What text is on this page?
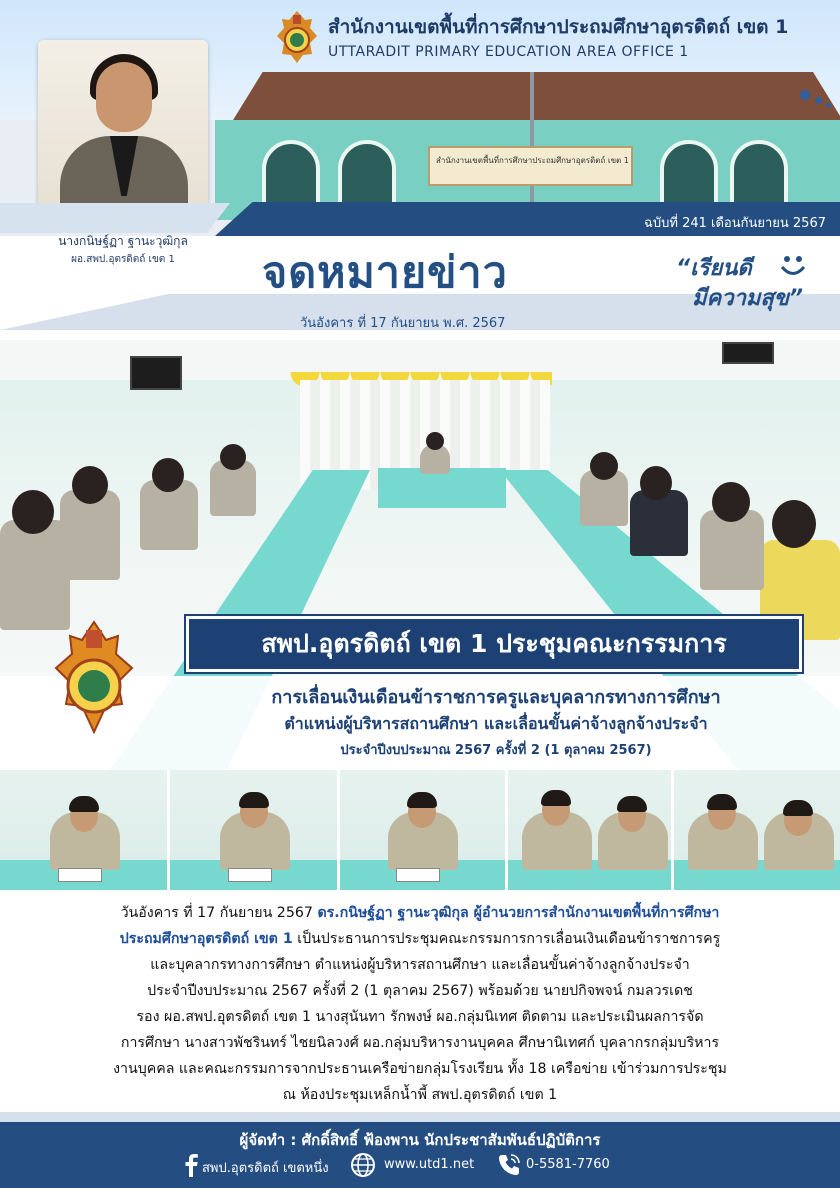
สำนักงานเขตพื้นที่การศึกษาประถมศึกษาอุตรดิตถ์ เขต 1
สำนักงานเขตพื้นที่การศึกษาประถมศึกษาอุตรดิตถ์ เขต 1
UTTARADIT PRIMARY EDUCATION AREA OFFICE 1
ฉบับที่ 241 เดือนกันยายน 2567
นางกนิษฐ์ฏา ฐานะวุฒิกุล
ผอ.สพป.อุตรดิตถ์ เขต 1	จดหมายข่าว
วันอังคาร ที่ 17 กันยายน พ.ศ. 2567
“เรียนดี
มีความสุข”
สพป.อุตรดิตถ์ เขต 1 ประชุมคณะกรรมการ
การเลื่อนเงินเดือนข้าราชการครูและบุคลากรทางการศึกษา
ตำแหน่งผู้บริหารสถานศึกษา และเลื่อนขั้นค่าจ้างลูกจ้างประจำ
ประจำปีงบประมาณ 2567 ครั้งที่ 2 (1 ตุลาคม 2567)
วันอังคาร ที่ 17 กันยายน 2567 ดร.กนิษฐ์ฏา ฐานะวุฒิกุล ผู้อำนวยการสำนักงานเขตพื้นที่การศึกษา
ประถมศึกษาอุตรดิตถ์ เขต 1 เป็นประธานการประชุมคณะกรรมการการเลื่อนเงินเดือนข้าราชการครู
และบุคลากรทางการศึกษา ตำแหน่งผู้บริหารสถานศึกษา และเลื่อนขั้นค่าจ้างลูกจ้างประจำ
ประจำปีงบประมาณ 2567 ครั้งที่ 2 (1 ตุลาคม 2567) พร้อมด้วย นายปกิจพจน์ กมลวรเดช
รอง ผอ.สพป.อุตรดิตถ์ เขต 1 นางสุนันทา รักพงษ์ ผอ.กลุ่มนิเทศ ติดตาม และประเมินผลการจัด
การศึกษา นางสาวพัชรินทร์ ไชยนิลวงศ์ ผอ.กลุ่มบริหารงานบุคคล ศึกษานิเทศก์ บุคลากรกลุ่มบริหาร
งานบุคคล และคณะกรรมการจากประธานเครือข่ายกลุ่มโรงเรียน ทั้ง 18 เครือข่าย เข้าร่วมการประชุม
ณ ห้องประชุมเหล็กน้ำพี้ สพป.อุตรดิตถ์ เขต 1
ผู้จัดทำ : ศักดิ์สิทธิ์ ฟ้องพาน นักประชาสัมพันธ์ปฏิบัติการ
สพป.อุตรดิตถ์ เขตหนึ่ง	www.utd1.net	0-5581-7760
